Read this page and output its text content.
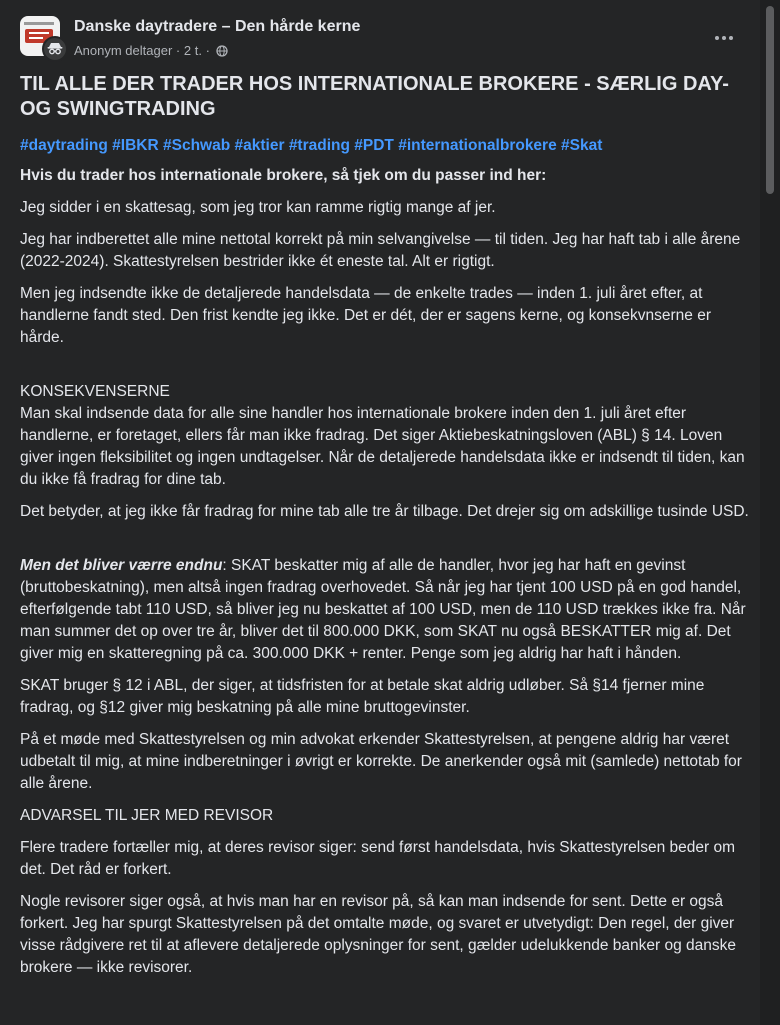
Danske daytradere – Den hårde kerne
Anonym deltager · 2 t. ·
TIL ALLE DER TRADER HOS INTERNATIONALE BROKERE - SÆRLIG DAY- OG SWINGTRADING
#daytrading #IBKR #Schwab #aktier #trading #PDT #internationalbrokere #Skat

Hvis du trader hos internationale brokere, så tjek om du passer ind her:

Jeg sidder i en skattesag, som jeg tror kan ramme rigtig mange af jer.

Jeg har indberettet alle mine nettotal korrekt på min selvangivelse — til tiden. Jeg har haft tab i alle årene (2022-2024). Skattestyrelsen bestrider ikke ét eneste tal. Alt er rigtigt.

Men jeg indsendte ikke de detaljerede handelsdata — de enkelte trades — inden 1. juli året efter, at handlerne fandt sted. Den frist kendte jeg ikke. Det er dét, der er sagens kerne, og konsekvnserne er hårde.

KONSEKVENSERNE

Man skal indsende data for alle sine handler hos internationale brokere inden den 1. juli året efter handlerne, er foretaget, ellers får man ikke fradrag. Det siger Aktiebeskatningsloven (ABL) § 14. Loven giver ingen fleksibilitet og ingen undtagelser. Når de detaljerede handelsdata ikke er indsendt til tiden, kan du ikke få fradrag for dine tab.

Det betyder, at jeg ikke får fradrag for mine tab alle tre år tilbage. Det drejer sig om adskillige tusinde USD.

Men det bliver værre endnu: SKAT beskatter mig af alle de handler, hvor jeg har haft en gevinst (bruttobeskatning), men altså ingen fradrag overhovedet. Så når jeg har tjent 100 USD på en god handel, efterfølgende tabt 110 USD, så bliver jeg nu beskattet af 100 USD, men de 110 USD trækkes ikke fra. Når man summer det op over tre år, bliver det til 800.000 DKK, som SKAT nu også BESKATTER mig af. Det giver mig en skatteregning på ca. 300.000 DKK + renter. Penge som jeg aldrig har haft i hånden.

SKAT bruger § 12 i ABL, der siger, at tidsfristen for at betale skat aldrig udløber. Så §14 fjerner mine fradrag, og §12 giver mig beskatning på alle mine bruttogevinster.

På et møde med Skattestyrelsen og min advokat erkender Skattestyrelsen, at pengene aldrig har været udbetalt til mig, at mine indberetninger i øvrigt er korrekte. De anerkender også mit (samlede) nettotab for alle årene.

ADVARSEL TIL JER MED REVISOR

Flere tradere fortæller mig, at deres revisor siger: send først handelsdata, hvis Skattestyrelsen beder om det. Det råd er forkert.

Nogle revisorer siger også, at hvis man har en revisor på, så kan man indsende for sent. Dette er også forkert. Jeg har spurgt Skattestyrelsen på det omtalte møde, og svaret er utvetydigt: Den regel, der giver visse rådgivere ret til at aflevere detaljerede oplysninger for sent, gælder udelukkende banker og danske brokere — ikke revisorer.
